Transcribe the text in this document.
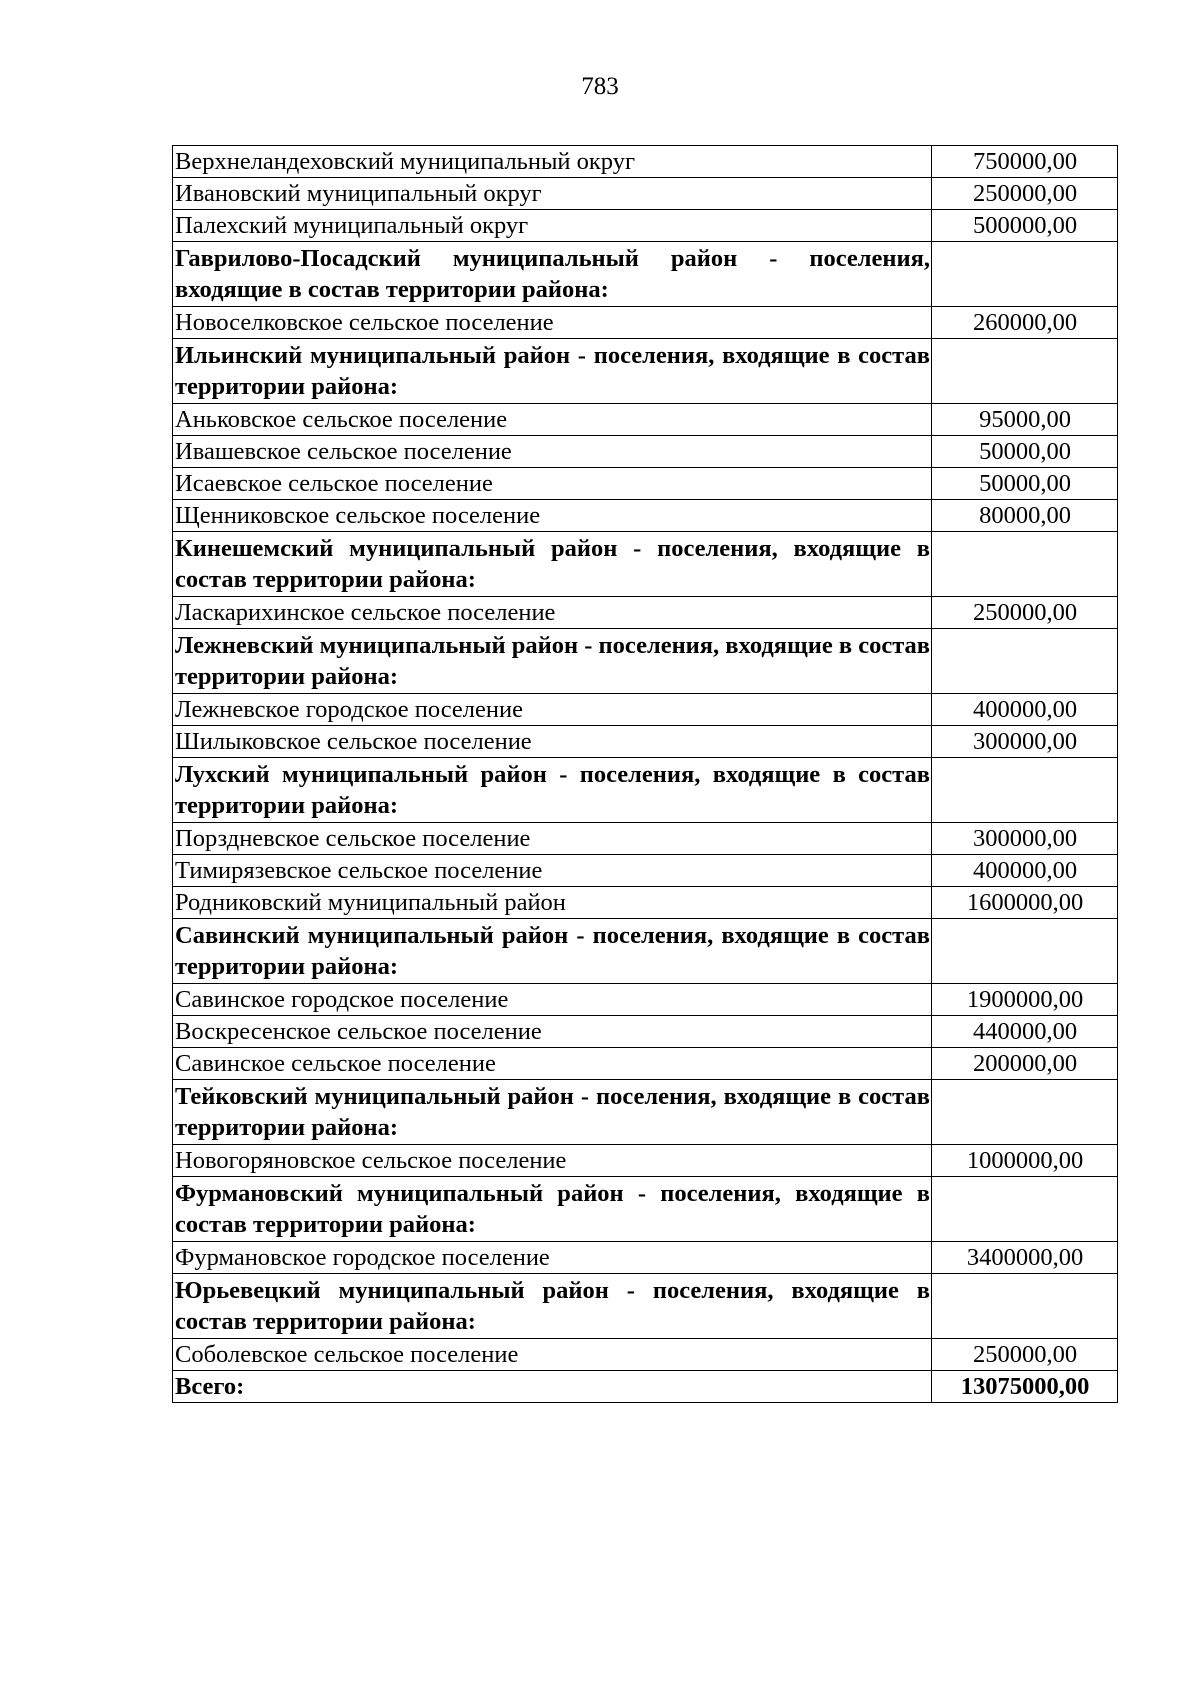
783
Верхнеландеховский муниципальный округ	750000,00
Ивановский муниципальный округ	250000,00
Палехский муниципальный округ	500000,00
Гаврилово-Посадский муниципальный район - поселения, входящие в состав территории района:	
Новоселковское сельское поселение	260000,00
Ильинский муниципальный район - поселения, входящие в состав территории района:	
Аньковское сельское поселение	95000,00
Ивашевское сельское поселение	50000,00
Исаевское сельское поселение	50000,00
Щенниковское сельское поселение	80000,00
Кинешемский муниципальный район - поселения, входящие в состав территории района:	
Ласкарихинское сельское поселение	250000,00
Лежневский муниципальный район - поселения, входящие в состав территории района:	
Лежневское городское поселение	400000,00
Шилыковское сельское поселение	300000,00
Лухский муниципальный район - поселения, входящие в состав территории района:	
Порздневское сельское поселение	300000,00
Тимирязевское сельское поселение	400000,00
Родниковский муниципальный район	1600000,00
Савинский муниципальный район - поселения, входящие в состав территории района:	
Савинское городское поселение	1900000,00
Воскресенское сельское поселение	440000,00
Савинское сельское поселение	200000,00
Тейковский муниципальный район - поселения, входящие в состав территории района:	
Новогоряновское сельское поселение	1000000,00
Фурмановский муниципальный район - поселения, входящие в состав территории района:	
Фурмановское городское поселение	3400000,00
Юрьевецкий муниципальный район - поселения, входящие в состав территории района:	
Соболевское сельское поселение	250000,00
Всего:	13075000,00
